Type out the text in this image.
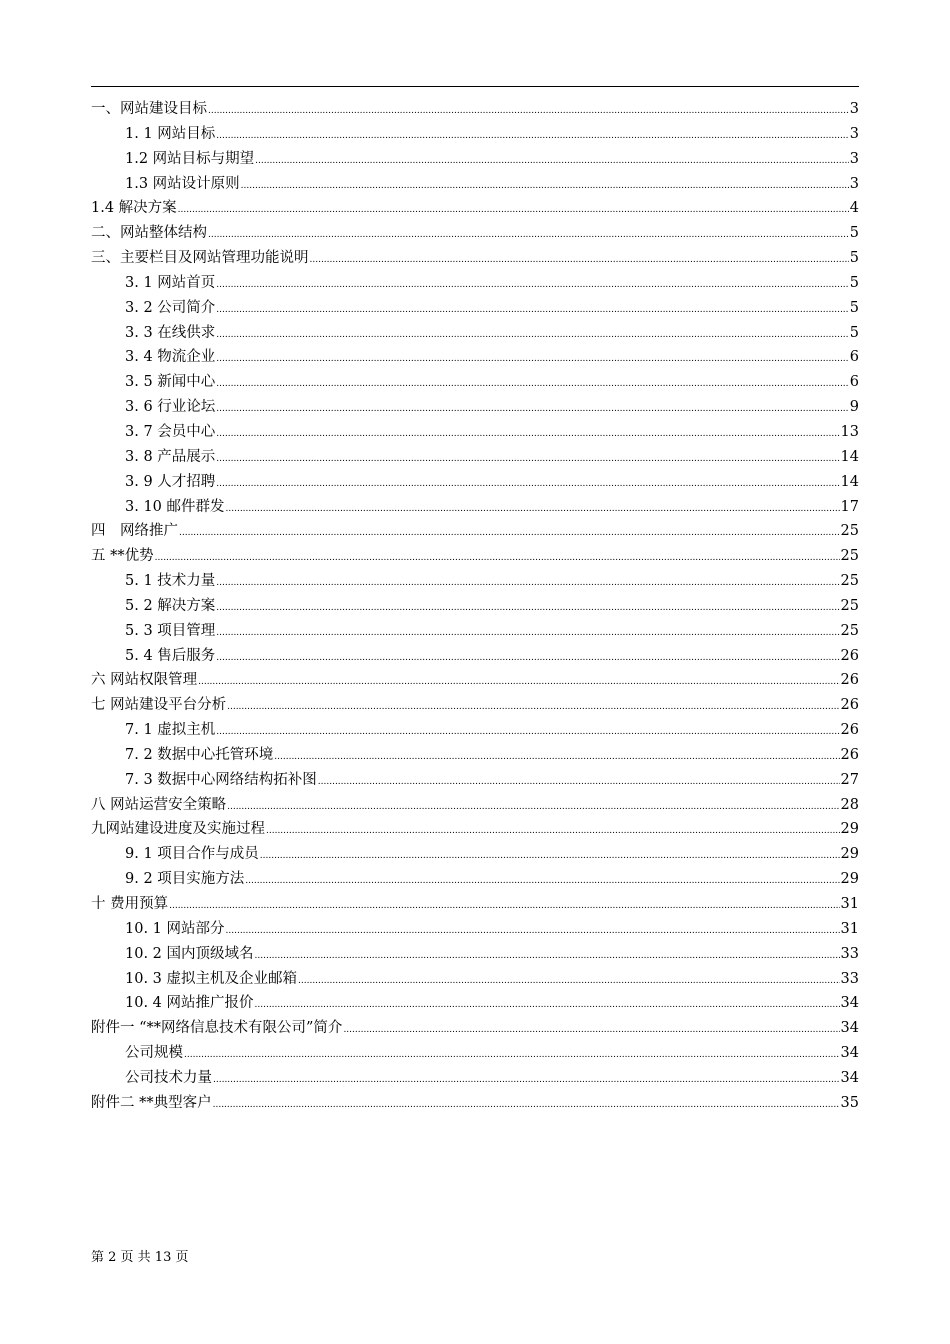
一、网站建设目标 .....	3
1. 1 网站目标 .....	3
1.2 网站目标与期望 .....	3
1.3 网站设计原则 .....	3
1.4 解决方案 .....	4
二、网站整体结构 .....	5
三、主要栏目及网站管理功能说明 .....	5
3. 1 网站首页 .....	5
3. 2 公司简介 .....	5
3. 3 在线供求 .....	5
3. 4 物流企业 .....	6
3. 5 新闻中心 .....	6
3. 6 行业论坛 .....	9
3. 7 会员中心 .....	13
3. 8 产品展示 .....	14
3. 9 人才招聘 .....	14
3. 10 邮件群发 .....	17
四　网络推广 .....	25
五 **优势 .....	25
5. 1 技术力量 .....	25
5. 2 解决方案 .....	25
5. 3 项目管理 .....	25
5. 4 售后服务 .....	26
六 网站权限管理 .....	26
七 网站建设平台分析 .....	26
7. 1 虚拟主机 .....	26
7. 2 数据中心托管环境 .....	26
7. 3 数据中心网络结构拓补图 .....	27
八 网站运营安全策略 .....	28
九网站建设进度及实施过程 .....	29
9. 1 项目合作与成员 .....	29
9. 2 项目实施方法 .....	29
十 费用预算 .....	31
10. 1 网站部分 .....	31
10. 2 国内顶级域名 .....	33
10. 3 虚拟主机及企业邮箱 .....	33
10. 4 网站推广报价 .....	34
附件一 “**网络信息技术有限公司”简介 .....	34
公司规模 .....	34
公司技术力量 .....	34
附件二 **典型客户 .....	35
第 2 页 共 13 页
